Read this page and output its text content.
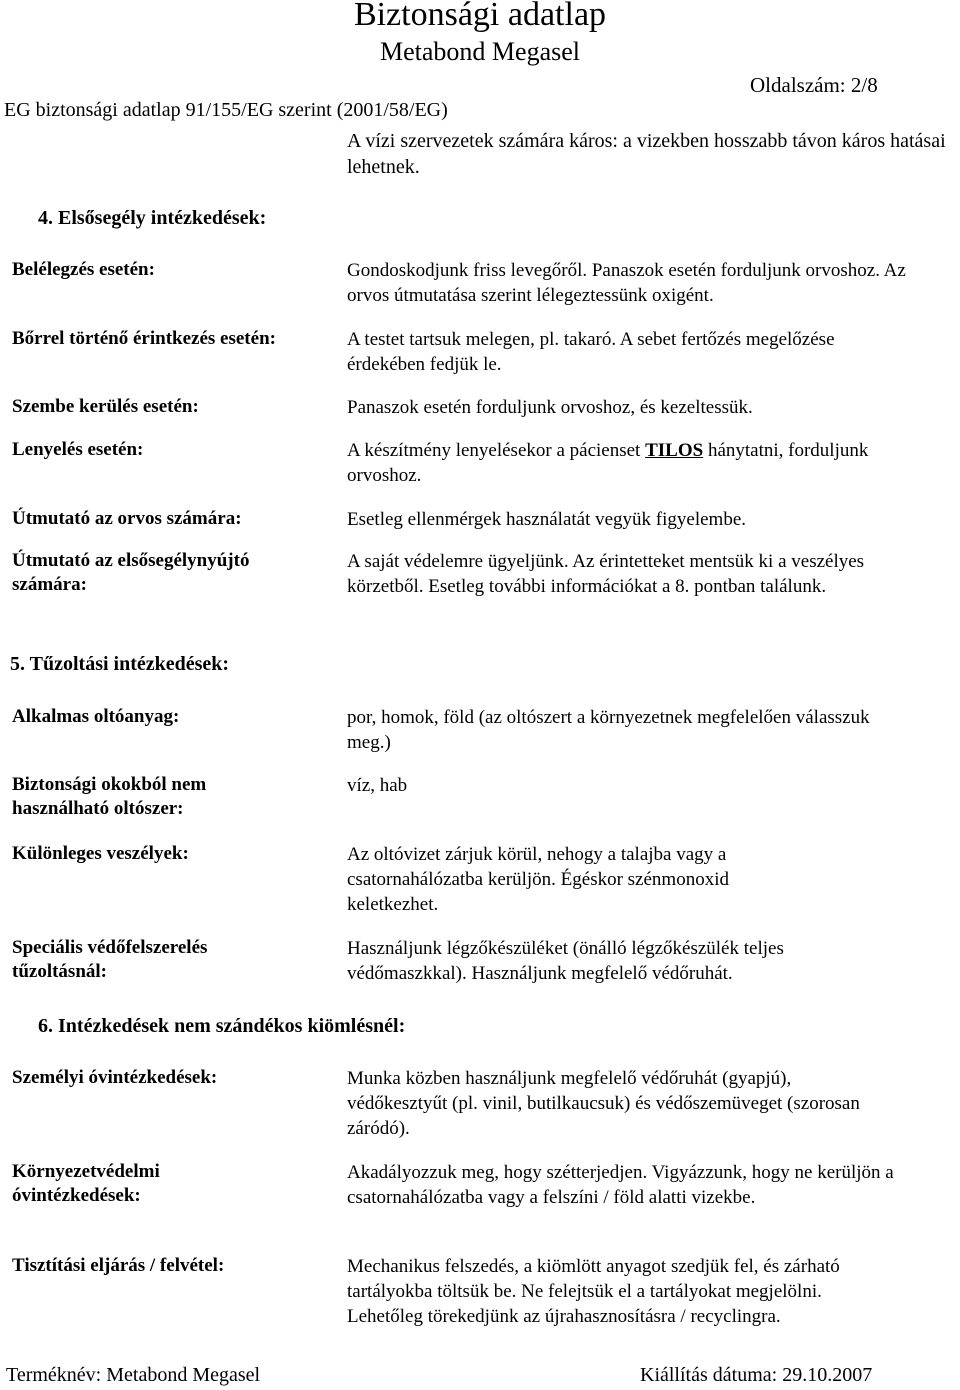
Biztonsági adatlap
Metabond Megasel
Oldalszám: 2/8
EG biztonsági adatlap 91/155/EG szerint (2001/58/EG)
A vízi szervezetek számára káros: a vizekben hosszabb távon káros hatásai lehetnek.
4. Elsősegély intézkedések:
Belélegzés esetén:	Gondoskodjunk friss levegőről. Panaszok esetén forduljunk orvoshoz. Az orvos útmutatása szerint lélegeztessünk oxigént.
Bőrrel történő érintkezés esetén:	A testet tartsuk melegen, pl. takaró. A sebet fertőzés megelőzése érdekében fedjük le.
Szembe kerülés esetén:	Panaszok esetén forduljunk orvoshoz, és kezeltessük.
Lenyelés esetén:	A készítmény lenyelésekor a pácienset TILOS hánytatni, forduljunk orvoshoz.
Útmutató az orvos számára:	Esetleg ellenmérgek használatát vegyük figyelembe.
Útmutató az elsősegélynyújtó számára:
A saját védelemre ügyeljünk. Az érintetteket mentsük ki a veszélyes körzetből. Esetleg további információkat a 8. pontban találunk.
5. Tűzoltási intézkedések:
Alkalmas oltóanyag:	por, homok, föld (az oltószert a környezetnek megfelelően válasszuk meg.)
Biztonsági okokból nem használható oltószer:
víz, hab
Különleges veszélyek:	Az oltóvizet zárjuk körül, nehogy a talajba vagy a csatornahálózatba kerüljön. Égéskor szénmonoxid keletkezhet.
Speciális védőfelszerelés tűzoltásnál:
Használjunk légzőkészüléket (önálló légzőkészülék teljes védőmaszkkal). Használjunk megfelelő védőruhát.
6. Intézkedések nem szándékos kiömlésnél:
Személyi óvintézkedések:	Munka közben használjunk megfelelő védőruhát (gyapjú), védőkesztyűt (pl. vinil, butilkaucsuk) és védőszemüveget (szorosan záródó).
Környezetvédelmi óvintézkedések:
Akadályozzuk meg, hogy szétterjedjen. Vigyázzunk, hogy ne kerüljön a csatornahálózatba vagy a felszíni / föld alatti vizekbe.
Tisztítási eljárás / felvétel:	Mechanikus felszedés, a kiömlött anyagot szedjük fel, és zárható tartályokba töltsük be. Ne felejtsük el a tartályokat megjelölni. Lehetőleg törekedjünk az újrahasznosításra / recyclingra.
Terméknév: Metabond Megasel	Kiállítás dátuma: 29.10.2007
